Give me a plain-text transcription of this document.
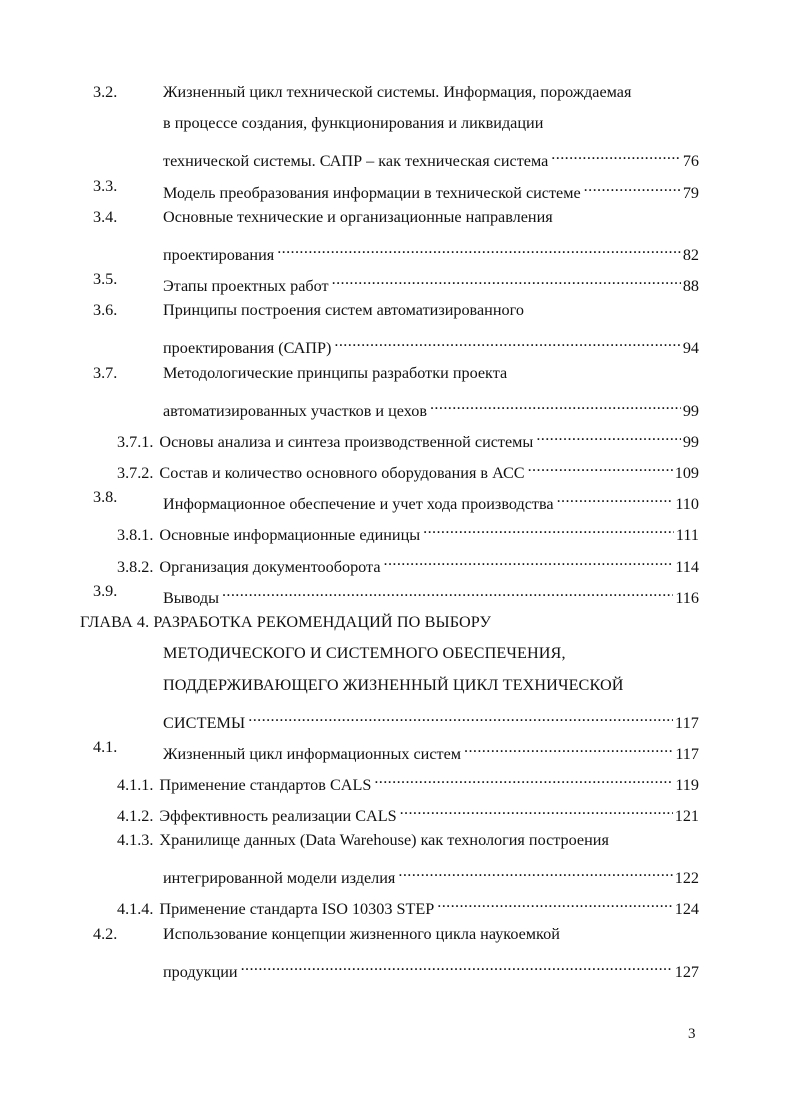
3.2.	Жизненный цикл технической системы. Информация, порождаемая
в процессе создания, функционирования и ликвидации
технической системы. САПР – как техническая система .....	76
3.3.	Модель преобразования информации в технической системе .....	79
3.4.	Основные технические и организационные направления
проектирования .....	82
3.5.	Этапы проектных работ .....	88
3.6.	Принципы построения систем автоматизированного
проектирования (САПР) .....	94
3.7.	Методологические принципы разработки проекта
автоматизированных участков и цехов .....	99
3.7.1. Основы анализа и синтеза производственной системы .....	99
3.7.2. Состав и количество основного оборудования в АСС .....	109
3.8.	Информационное обеспечение и учет хода производства .....	110
3.8.1. Основные информационные единицы .....	111
3.8.2. Организация документооборота .....	114
3.9.	Выводы .....	116
ГЛАВА 4. РАЗРАБОТКА РЕКОМЕНДАЦИЙ ПО ВЫБОРУ
МЕТОДИЧЕСКОГО И СИСТЕМНОГО ОБЕСПЕЧЕНИЯ,
ПОДДЕРЖИВАЮЩЕГО ЖИЗНЕННЫЙ ЦИКЛ ТЕХНИЧЕСКОЙ
СИСТЕМЫ .....	117
4.1.	Жизненный цикл информационных систем .....	117
4.1.1. Применение стандартов CALS .....	119
4.1.2. Эффективность реализации CALS .....	121
4.1.3. Хранилище данных (Data Warehouse) как технология построения
интегрированной модели изделия .....	122
4.1.4. Применение стандарта ISO 10303 STEP .....	124
4.2.	Использование концепции жизненного цикла наукоемкой
продукции .....	127
3
